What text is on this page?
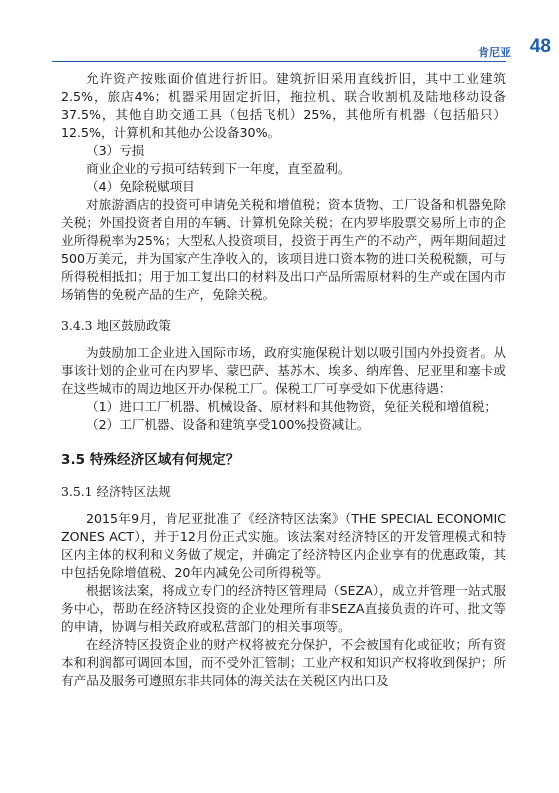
肯尼亚 48

允许资产按账面价值进行折旧。建筑折旧采用直线折旧，其中工业建筑2.5%，旅店4%；机器采用固定折旧，拖拉机、联合收割机及陆地移动设备37.5%，其他自助交通工具（包括飞机）25%，其他所有机器（包括船只）12.5%，计算机和其他办公设备30%。

（3）亏损

商业企业的亏损可结转到下一年度，直至盈利。

（4）免除税赋项目

对旅游酒店的投资可申请免关税和增值税；资本货物、工厂设备和机器免除关税；外国投资者自用的车辆、计算机免除关税；在内罗毕股票交易所上市的企业所得税率为25%；大型私人投资项目，投资于再生产的不动产，两年期间超过500万美元，并为国家产生净收入的，该项目进口资本物的进口关税税额，可与所得税相抵扣；用于加工复出口的材料及出口产品所需原材料的生产或在国内市场销售的免税产品的生产，免除关税。

3.4.3 地区鼓励政策

为鼓励加工企业进入国际市场，政府实施保税计划以吸引国内外投资者。从事该计划的企业可在内罗毕、蒙巴萨、基苏木、埃多、纳库鲁、尼亚里和塞卡或在这些城市的周边地区开办保税工厂。保税工厂可享受如下优惠待遇：

（1）进口工厂机器、机械设备、原材料和其他物资，免征关税和增值税；

（2）工厂机器、设备和建筑享受100%投资减让。

3.5 特殊经济区域有何规定？
3.5.1 经济特区法规

2015年9月，肯尼亚批准了《经济特区法案》（THE SPECIAL ECONOMIC ZONES ACT），并于12月份正式实施。该法案对经济特区的开发管理模式和特区内主体的权利和义务做了规定，并确定了经济特区内企业享有的优惠政策，其中包括免除增值税、20年内减免公司所得税等。

根据该法案，将成立专门的经济特区管理局（SEZA），成立并管理一站式服务中心，帮助在经济特区投资的企业处理所有非SEZA直接负责的许可、批文等的申请，协调与相关政府或私营部门的相关事项等。

在经济特区投资企业的财产权将被充分保护，不会被国有化或征收；所有资本和利润都可调回本国，而不受外汇管制；工业产权和知识产权将收到保护；所有产品及服务可遵照东非共同体的海关法在关税区内出口及
